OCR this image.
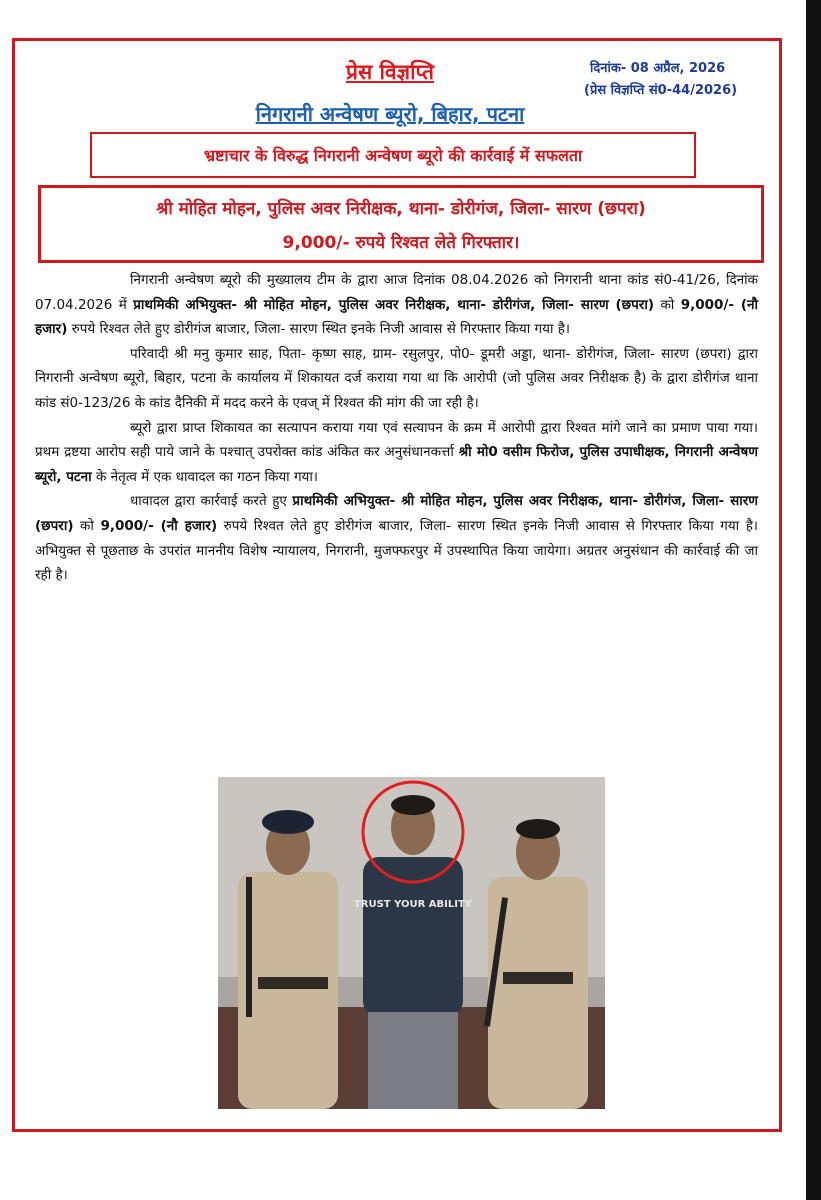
प्रेस विज्ञप्ति	दिनांक- 08 अप्रैल, 2026
(प्रेस विज्ञप्ति सं0-44/2026)
निगरानी अन्वेषण ब्यूरो, बिहार, पटना
भ्रष्टाचार के विरुद्ध निगरानी अन्वेषण ब्यूरो की कार्रवाई में सफलता
श्री मोहित मोहन, पुलिस अवर निरीक्षक, थाना- डोरीगंज, जिला- सारण (छपरा)
9,000/- रुपये रिश्वत लेते गिरफ्तार।

निगरानी अन्वेषण ब्यूरो की मुख्यालय टीम के द्वारा आज दिनांक 08.04.2026 को निगरानी थाना कांड सं0-41/26, दिनांक 07.04.2026 में प्राथमिकी अभियुक्त- श्री मोहित मोहन, पुलिस अवर निरीक्षक, थाना- डोरीगंज, जिला- सारण (छपरा) को 9,000/- (नौ हजार) रुपये रिश्वत लेते हुए डोरीगंज बाजार, जिला- सारण स्थित इनके निजी आवास से गिरफ्तार किया गया है।

परिवादी श्री मनु कुमार साह, पिता- कृष्ण साह, ग्राम- रसुलपुर, पो0- डूमरी अड्डा, थाना- डोरीगंज, जिला- सारण (छपरा) द्वारा निगरानी अन्वेषण ब्यूरो, बिहार, पटना के कार्यालय में शिकायत दर्ज कराया गया था कि आरोपी (जो पुलिस अवर निरीक्षक है) के द्वारा डोरीगंज थाना कांड सं0-123/26 के कांड दैनिकी में मदद करने के एवज् में रिश्वत की मांग की जा रही है।

ब्यूरो द्वारा प्राप्त शिकायत का सत्यापन कराया गया एवं सत्यापन के क्रम में आरोपी द्वारा रिश्वत मांगे जाने का प्रमाण पाया गया। प्रथम द्रष्टया आरोप सही पाये जाने के पश्चात् उपरोक्त कांड अंकित कर अनुसंधानकर्त्ता श्री मो0 वसीम फिरोज, पुलिस उपाधीक्षक, निगरानी अन्वेषण ब्यूरो, पटना के नेतृत्व में एक धावादल का गठन किया गया।

धावादल द्वारा कार्रवाई करते हुए प्राथमिकी अभियुक्त- श्री मोहित मोहन, पुलिस अवर निरीक्षक, थाना- डोरीगंज, जिला- सारण (छपरा) को 9,000/- (नौ हजार) रुपये रिश्वत लेते हुए डोरीगंज बाजार, जिला- सारण स्थित इनके निजी आवास से गिरफ्तार किया गया है। अभियुक्त से पूछताछ के उपरांत माननीय विशेष न्यायालय, निगरानी, मुजफ्फरपुर में उपस्थापित किया जायेगा। अग्रतर अनुसंधान की कार्रवाई की जा रही है।

TRUST YOUR ABILITY
